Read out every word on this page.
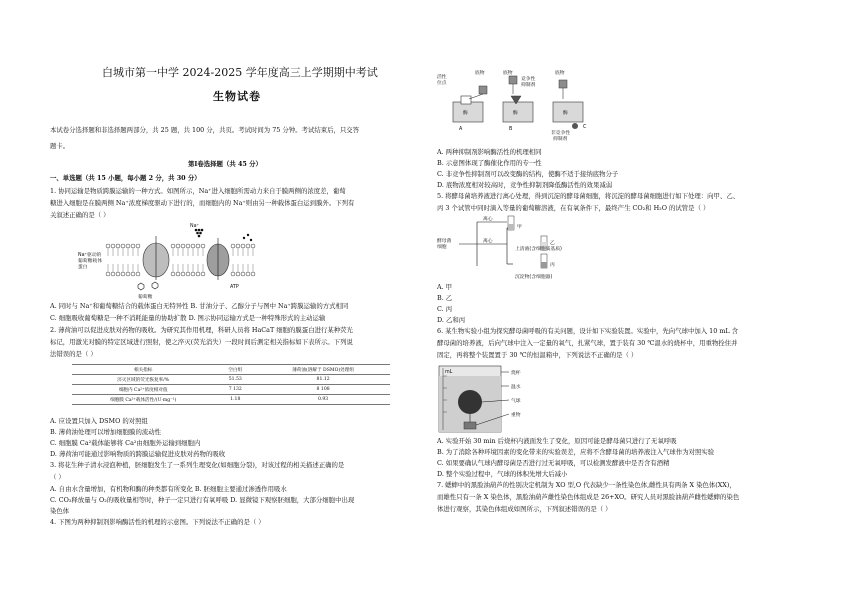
白城市第一中学 2024-2025 学年度高三上学期期中考试
生物试卷
本试卷分选择题和非选择题两部分，共 25 题，共 100 分，共页。考试时间为 75 分钟。考试结束后，只交答
题卡。
第Ⅰ卷选择题（共 45 分）
一、单选题（共 15 小题，每小题 2 分，共 30 分）
1. 协同运输是物质跨膜运输的一种方式。如图所示，Na⁺进入细胞所需动力来自于膜两侧的浓度差，葡萄
糖进入细胞是在膜两侧 Na⁺浓度梯度驱动下进行的，而细胞内的 Na⁺则由另一种载体蛋白运到膜外。下列有
关叙述正确的是（ ）
Na⁺
Na⁺驱动的 葡萄糖载体 蛋白
葡萄糖
ATP
A. 同时与 Na⁺和葡萄糖结合的载体蛋白无特异性 B. 甘油分子、乙醇分子与图中 Na⁺跨膜运输的方式相同
C. 细胞吸收葡萄糖是一种不消耗能量的协助扩散 D. 图示协同运输方式是一种特殊形式的主动运输
2. 薄荷油可以促进皮肤对药物的吸收。为研究其作用机理，科研人员将 HaCaT 细胞的膜蛋白进行某种荧光
标记，用激光对膜的特定区域进行照射，使之淬灭(荧光消失）一段时间后测定相关指标如下表所示。下列说
法错误的是（ ）
相关指标	空白组	薄荷油(溶解于 DSMO)处理组
淬灭区域的荧光恢复率/%	51.53	81.12
细胞内 Ca²⁺浓度相对值	7 132	8 108
细胞膜 Ca²⁺载体活性/(U·mg⁻¹)	1.18	0.93
A. 应设置只加入 DSMO 的对照组
B. 薄荷油处理可以增加细胞膜的流动性
C. 细胞膜 Ca²载体能够将 Ca²由细胞外运输到细胞内
D. 薄荷油可能通过影响物质的跨膜运输促进皮肤对药物的吸收
3. 将花生种子清水浸泡种植，胚细胞发生了一系列生理变化(如细胞分裂)，对该过程的相关描述正确的是
（ ）
A. 自由水含量增加，有机物和酶的种类都有所变化 B. 胚细胞主要通过渗透作用吸水
C. CO₂释放量与 O₂的吸收量相等时，种子一定只进行有氧呼吸 D. 显微镜下观察胚细胞，大部分细胞中出现
染色体
4. 下图为两种抑制剂影响酶活性的机理的示意图。下列说法不正确的是（ ）
活性 位点
底物	底物	底物
竞争性 抑制剂
酶	酶	酶
A	B	C
非竞争性 抑制剂
A. 两种抑制剂影响酶活性的机理相同
B. 示意图体现了酶催化作用的专一性
C. 非竞争性抑制剂可以改变酶的结构，使酶不适于接纳底物分子
D. 底物浓度相对较高时，竞争性抑制剂降低酶活性的效果减弱
5. 将酵母菌培养液进行离心处理，得到沉淀的酵母菌细胞，将沉淀的酵母菌细胞进行如下处理：向甲、乙、
丙 3 个试管中同时滴入等量的葡萄糖溶液，在有氧条件下，最终产生 CO₂和 H₂O 的试管是（ ）
酵母菌 细胞
离心
离心
甲
上清液(含细胞质基质)
乙
丙
沉淀物(含细胞器)
A. 甲
B. 乙
C. 丙
D. 乙和丙
6. 某生物实验小组为探究酵母菌呼吸的有关问题，设计如下实验装置。实验中，先向气球中加入 10 mL 含
酵母菌的培养液，后向气球中注入一定量的氧气，扎紧气球，置于装有 30 ℃温水的烧杯中，用重物拴住并
固定，再将整个装置置于 30 ℃的恒温箱中，下列说法不正确的是（ ）
mL	烧杯
温水
气球
重物
A. 实验开始 30 min 后烧杯内液面发生了变化，原因可能是酵母菌只进行了无氧呼吸
B. 为了消除各种环境因素的变化带来的实验误差，应将不含酵母菌的培养液注入气球作为对照实验
C. 如果要确认气球内酵母菌是否进行过无氧呼吸，可以检测发酵液中是否含有酒精
D. 整个实验过程中，气球的体积先增大后减小
7. 蟋蟀中的黑脸油葫芦的性别决定机制为 XO 型,O 代表缺少一条性染色体,雌性具有两条 X 染色体(XX)，
而雄性只有一条 X 染色体，黑脸油葫芦雌性染色体组成是 26+XO。研究人员对黑脸油葫芦雌性蟋蟀的染色
体进行观察，其染色体组成如图所示，下列叙述错误的是（ ）
